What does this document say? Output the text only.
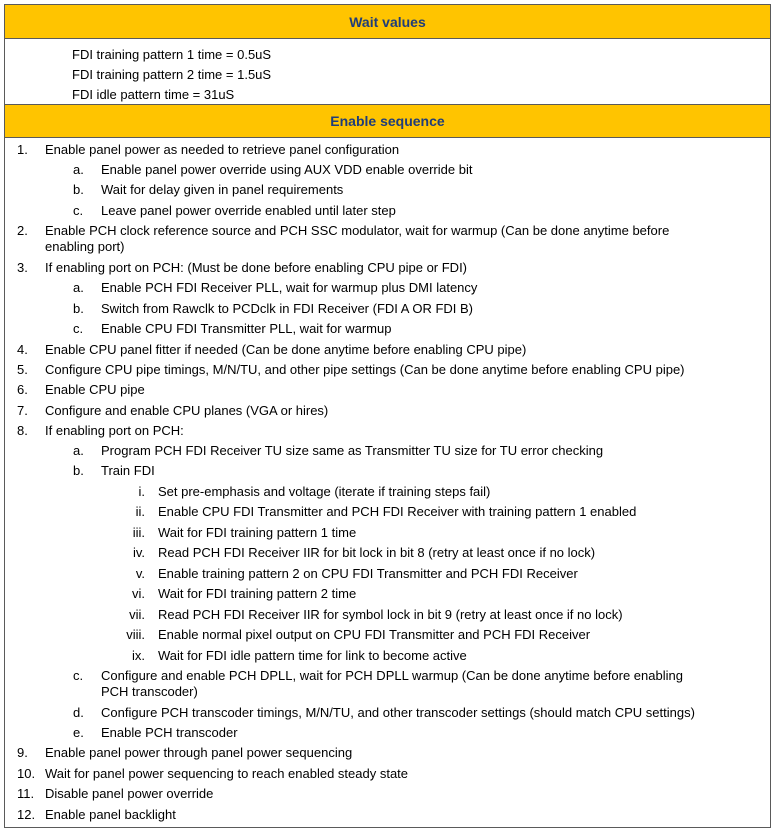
Wait values
FDI training pattern 1 time = 0.5uS
FDI training pattern 2 time = 1.5uS
FDI idle pattern time = 31uS
Enable sequence
1. Enable panel power as needed to retrieve panel configuration
a. Enable panel power override using AUX VDD enable override bit
b. Wait for delay given in panel requirements
c. Leave panel power override enabled until later step
2. Enable PCH clock reference source and PCH SSC modulator, wait for warmup (Can be done anytime before
enabling port)
3. If enabling port on PCH: (Must be done before enabling CPU pipe or FDI)
a. Enable PCH FDI Receiver PLL, wait for warmup plus DMI latency
b. Switch from Rawclk to PCDclk in FDI Receiver (FDI A OR FDI B)
c. Enable CPU FDI Transmitter PLL, wait for warmup
4. Enable CPU panel fitter if needed (Can be done anytime before enabling CPU pipe)
5. Configure CPU pipe timings, M/N/TU, and other pipe settings (Can be done anytime before enabling CPU pipe)
6. Enable CPU pipe
7. Configure and enable CPU planes (VGA or hires)
8. If enabling port on PCH:
a. Program PCH FDI Receiver TU size same as Transmitter TU size for TU error checking
b. Train FDI
i. Set pre-emphasis and voltage (iterate if training steps fail)
ii. Enable CPU FDI Transmitter and PCH FDI Receiver with training pattern 1 enabled
iii. Wait for FDI training pattern 1 time
iv. Read PCH FDI Receiver IIR for bit lock in bit 8 (retry at least once if no lock)
v. Enable training pattern 2 on CPU FDI Transmitter and PCH FDI Receiver
vi. Wait for FDI training pattern 2 time
vii. Read PCH FDI Receiver IIR for symbol lock in bit 9 (retry at least once if no lock)
viii. Enable normal pixel output on CPU FDI Transmitter and PCH FDI Receiver
ix. Wait for FDI idle pattern time for link to become active
c. Configure and enable PCH DPLL, wait for PCH DPLL warmup (Can be done anytime before enabling
PCH transcoder)
d. Configure PCH transcoder timings, M/N/TU, and other transcoder settings (should match CPU settings)
e. Enable PCH transcoder
9. Enable panel power through panel power sequencing
10. Wait for panel power sequencing to reach enabled steady state
11. Disable panel power override
12. Enable panel backlight
